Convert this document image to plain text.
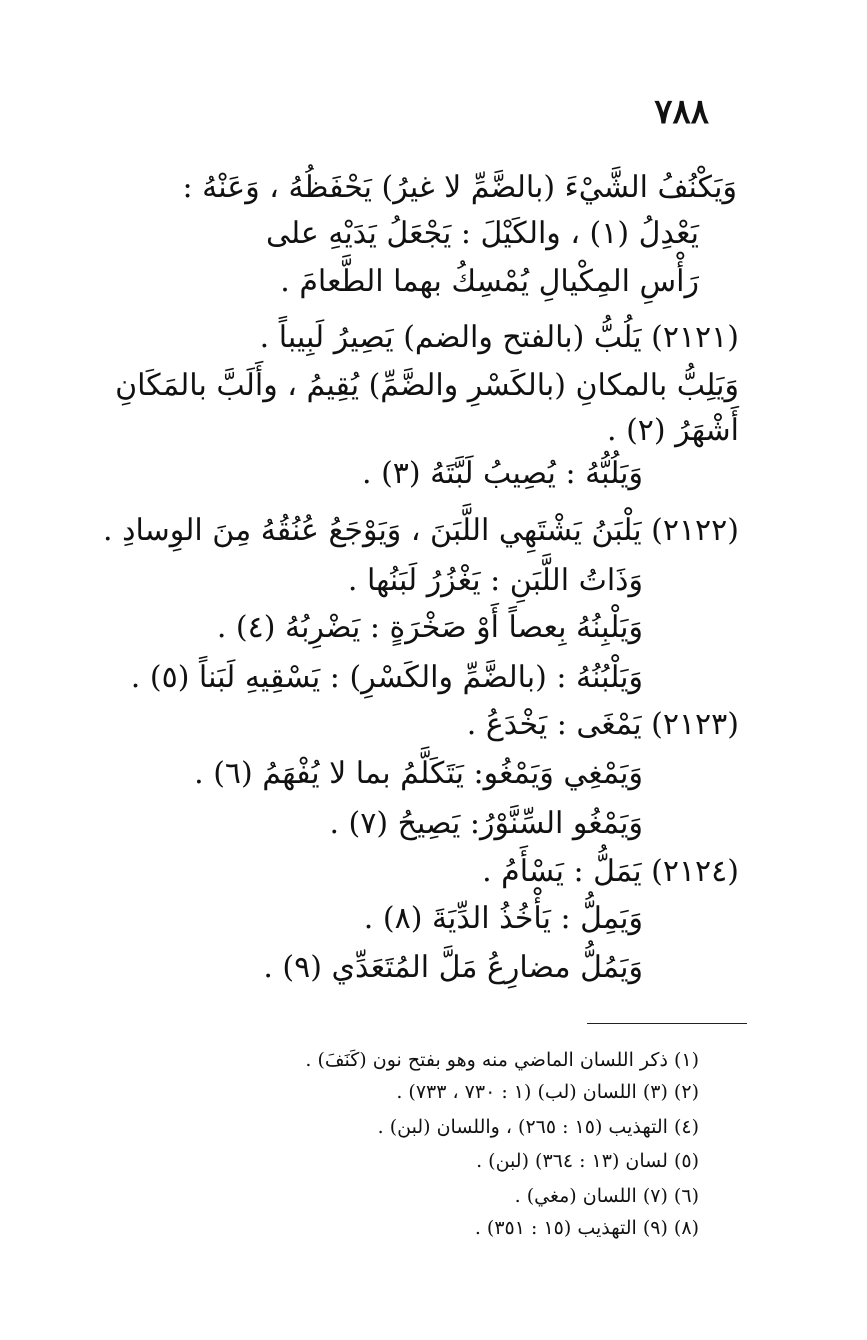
٧٨٨
وَيَكْنُفُ الشَّيْءَ (بالضَّمِّ لا غيرُ) يَحْفَظُهُ ، وَعَنْهُ :
يَعْدِلُ (١) ، والكَيْلَ : يَجْعَلُ يَدَيْهِ على
رَأْسِ المِكْيالِ يُمْسِكُ بهما الطَّعامَ .
(٢١٢١) يَلُبُّ (بالفتح والضم) يَصِيرُ لَبِيباً .
وَيَلِبُّ بالمكانِ (بالكَسْرِ والضَّمِّ) يُقِيمُ ، وأَلَبَّ بالمَكَانِ
أَشْهَرُ (٢) .
وَيَلُبُّهُ : يُصِيبُ لَبَّتَهُ (٣) .
(٢١٢٢) يَلْبَنُ يَشْتَهِي اللَّبَنَ ، وَيَوْجَعُ عُنُقُهُ مِنَ الوِسادِ .
وَذَاتُ اللَّبَنِ : يَغْزُرُ لَبَنُها .
وَيَلْبِنُهُ بِعصاً أَوْ صَخْرَةٍ : يَضْرِبُهُ (٤) .
وَيَلْبُنُهُ : (بالضَّمِّ والكَسْرِ) : يَسْقِيهِ لَبَناً (٥) .
(٢١٢٣) يَمْغَى : يَخْدَعُ .
وَيَمْغِي وَيَمْغُو: يَتَكَلَّمُ بما لا يُفْهَمُ (٦) .
وَيَمْغُو السِّنَّوْرُ: يَصِيحُ (٧) .
(٢١٢٤) يَمَلُّ : يَسْأَمُ .
وَيَمِلُّ : يَأْخُذُ الدِّيَةَ (٨) .
وَيَمُلُّ مضارِعُ مَلَّ المُتَعَدِّي (٩) .
(١) ذكر اللسان الماضي منه وهو بفتح نون (كَنَفَ) .
(٢) (٣) اللسان (لب) (١ : ٧٣٠ ، ٧٣٣) .
(٤) التهذيب (١٥ : ٢٦٥) ، واللسان (لبن) .
(٥) لسان (١٣ : ٣٦٤) (لبن) .
(٦) (٧) اللسان (مغي) .
(٨) (٩) التهذيب (١٥ : ٣٥١) .
